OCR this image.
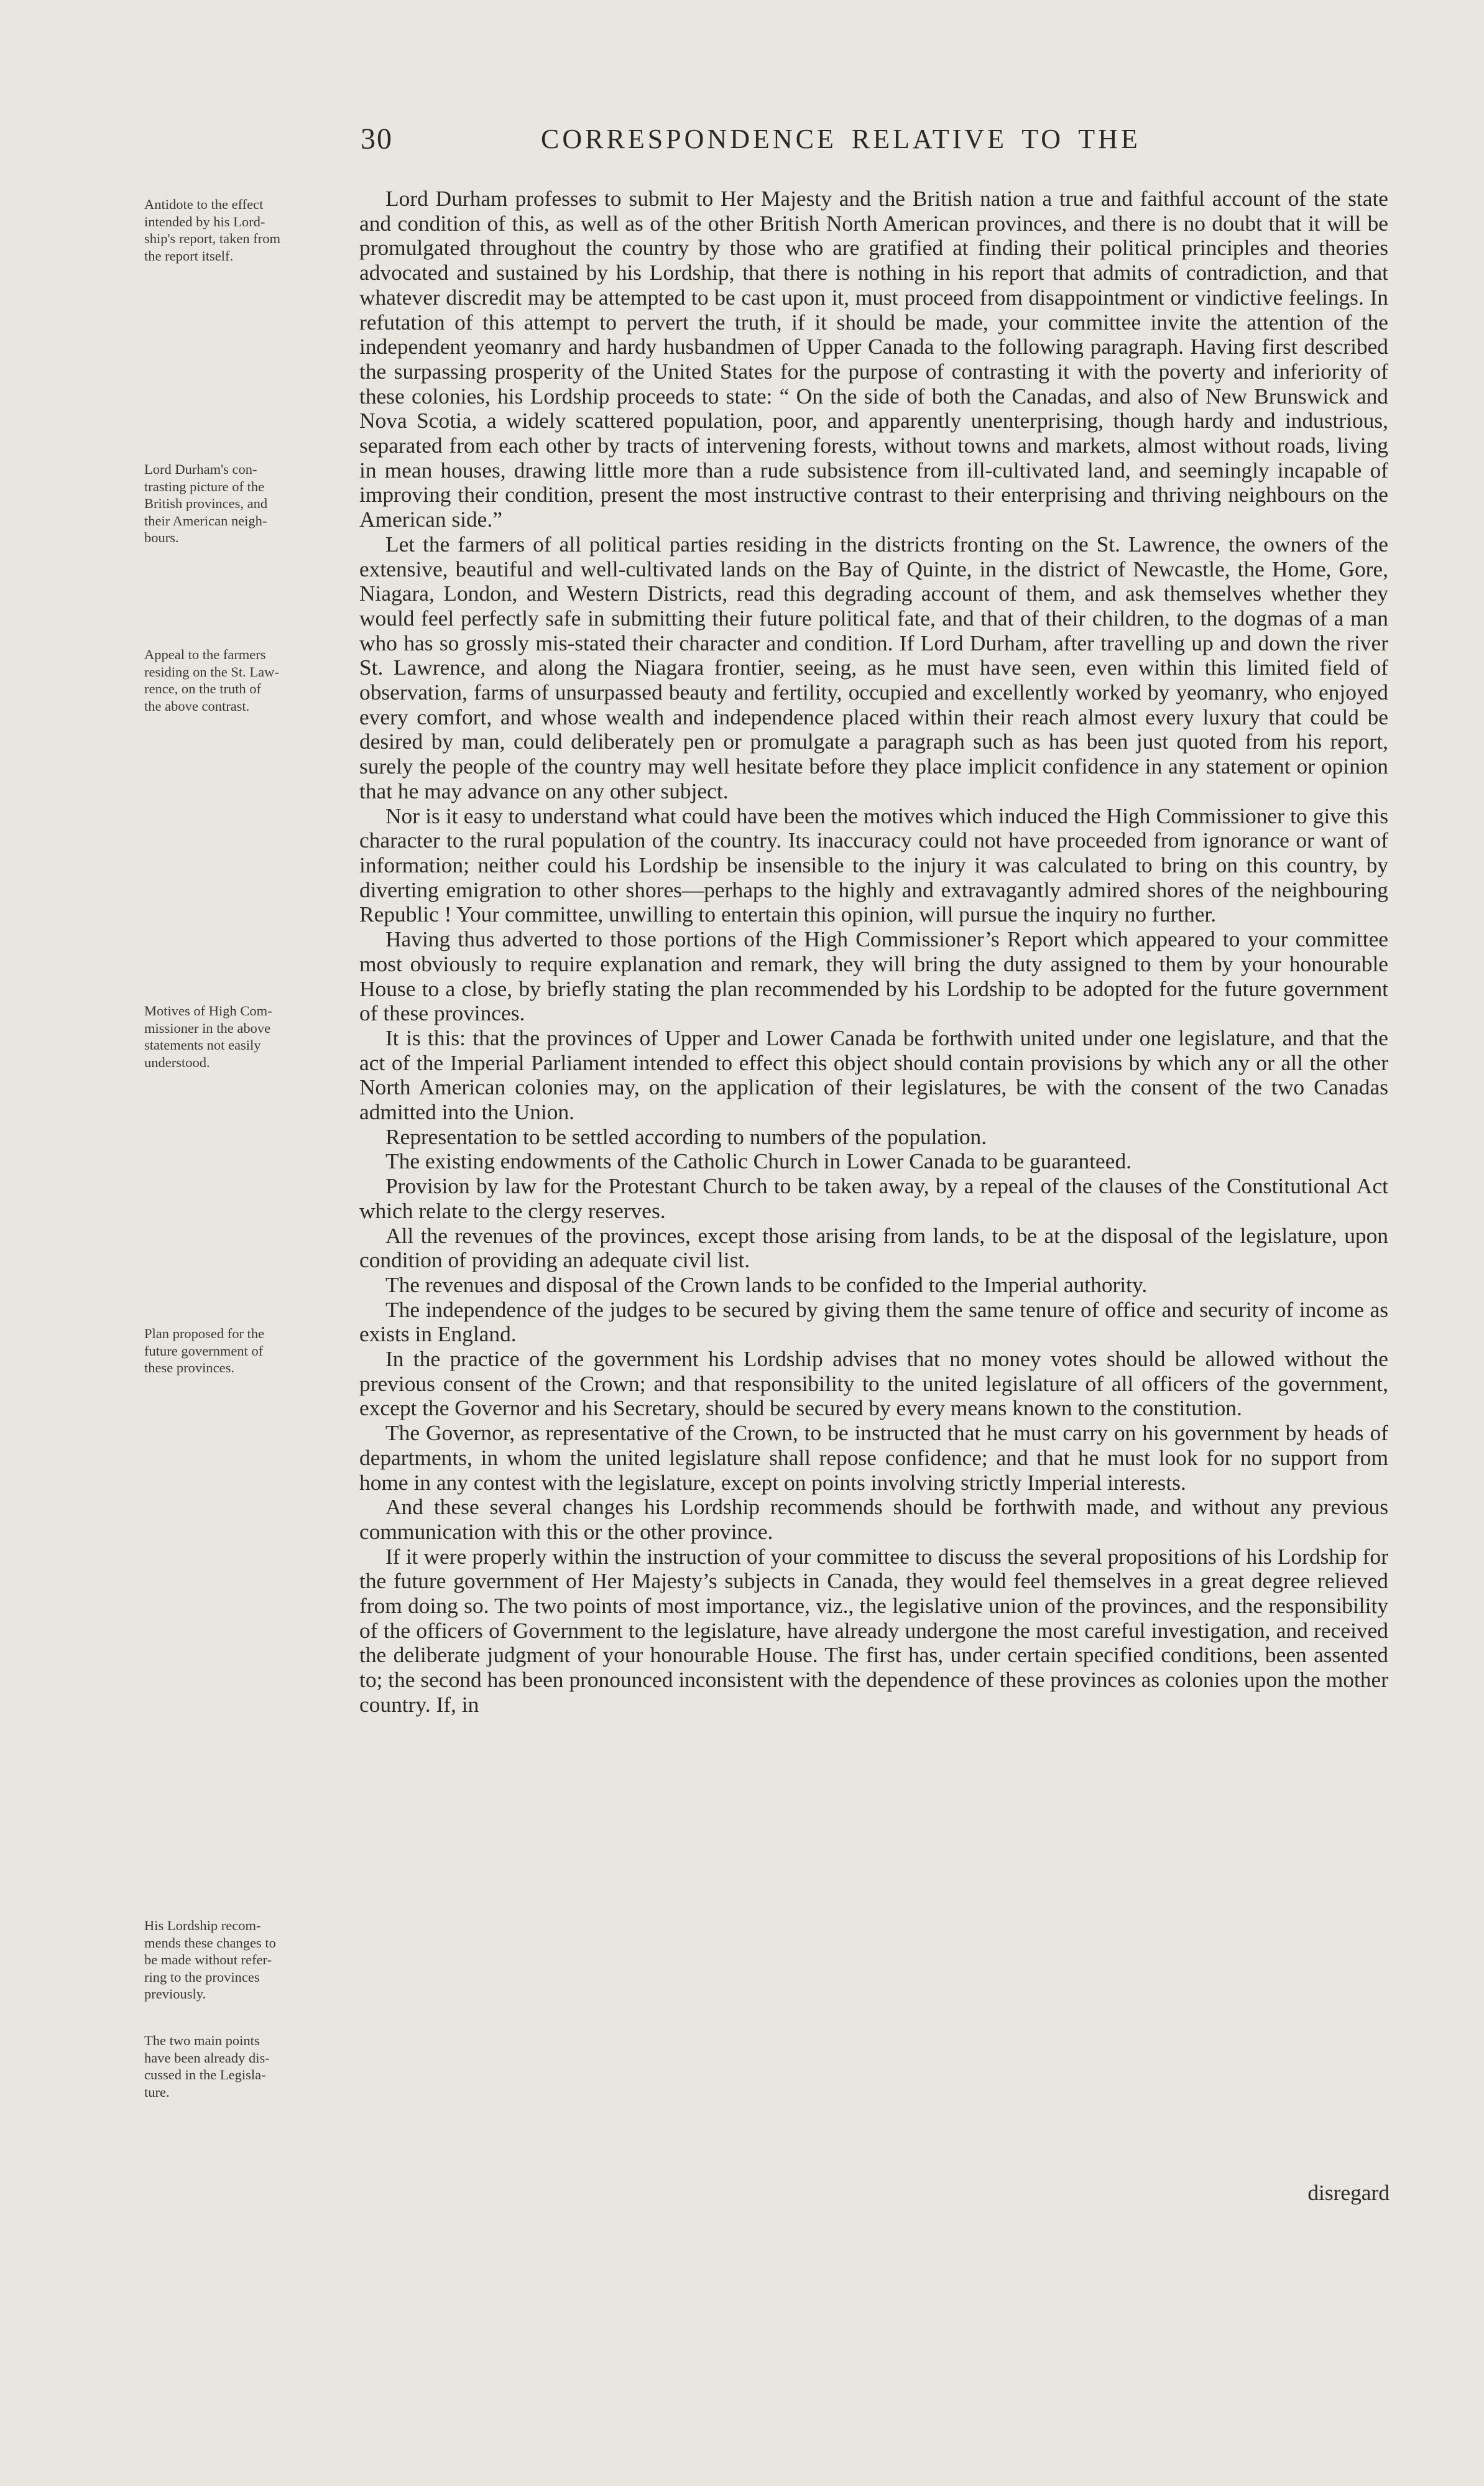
30	CORRESPONDENCE RELATIVE TO THE
Antidote to the effect
intended by his Lord-
ship's report, taken from
the report itself.
Lord Durham's con-
trasting picture of the
British provinces, and
their American neigh-
bours.
Appeal to the farmers
residing on the St. Law-
rence, on the truth of
the above contrast.
Motives of High Com-
missioner in the above
statements not easily
understood.
Plan proposed for the
future government of
these provinces.
His Lordship recom-
mends these changes to
be made without refer-
ring to the provinces
previously.
The two main points
have been already dis-
cussed in the Legisla-
ture.

Lord Durham professes to submit to Her Majesty and the British nation a true and faithful account of the state and condition of this, as well as of the other British North American provinces, and there is no doubt that it will be promulgated throughout the country by those who are gratified at finding their political principles and theories advocated and sustained by his Lordship, that there is nothing in his report that admits of contradiction, and that whatever discredit may be attempted to be cast upon it, must proceed from disappointment or vindictive feelings. In refutation of this attempt to pervert the truth, if it should be made, your committee invite the attention of the independent yeomanry and hardy husbandmen of Upper Canada to the following paragraph. Having first described the surpassing prosperity of the United States for the purpose of contrasting it with the poverty and inferiority of these colonies, his Lordship proceeds to state: “ On the side of both the Canadas, and also of New Brunswick and Nova Scotia, a widely scattered population, poor, and apparently unenterprising, though hardy and industrious, separated from each other by tracts of intervening forests, without towns and markets, almost without roads, living in mean houses, drawing little more than a rude subsistence from ill-cultivated land, and seemingly incapable of improving their condition, present the most instructive contrast to their enterprising and thriving neighbours on the American side.”

Let the farmers of all political parties residing in the districts fronting on the St. Lawrence, the owners of the extensive, beautiful and well-cultivated lands on the Bay of Quinte, in the district of Newcastle, the Home, Gore, Niagara, London, and Western Districts, read this degrading account of them, and ask themselves whether they would feel perfectly safe in submitting their future political fate, and that of their children, to the dogmas of a man who has so grossly mis-stated their character and condition. If Lord Durham, after travelling up and down the river St. Lawrence, and along the Niagara frontier, seeing, as he must have seen, even within this limited field of observation, farms of unsurpassed beauty and fertility, occupied and excellently worked by yeomanry, who enjoyed every comfort, and whose wealth and independence placed within their reach almost every luxury that could be desired by man, could deliberately pen or promulgate a paragraph such as has been just quoted from his report, surely the people of the country may well hesitate before they place implicit confidence in any statement or opinion that he may advance on any other subject.

Nor is it easy to understand what could have been the motives which induced the High Commissioner to give this character to the rural population of the country. Its inaccuracy could not have proceeded from ignorance or want of information; neither could his Lordship be insensible to the injury it was calculated to bring on this country, by diverting emigration to other shores—perhaps to the highly and extravagantly admired shores of the neighbouring Republic ! Your committee, unwilling to entertain this opinion, will pursue the inquiry no further.

Having thus adverted to those portions of the High Commissioner’s Report which appeared to your committee most obviously to require explanation and remark, they will bring the duty assigned to them by your honourable House to a close, by briefly stating the plan recommended by his Lordship to be adopted for the future government of these provinces.

It is this: that the provinces of Upper and Lower Canada be forthwith united under one legislature, and that the act of the Imperial Parliament intended to effect this object should contain provisions by which any or all the other North American colonies may, on the application of their legislatures, be with the consent of the two Canadas admitted into the Union.

Representation to be settled according to numbers of the population.

The existing endowments of the Catholic Church in Lower Canada to be guaranteed.

Provision by law for the Protestant Church to be taken away, by a repeal of the clauses of the Constitutional Act which relate to the clergy reserves.

All the revenues of the provinces, except those arising from lands, to be at the disposal of the legislature, upon condition of providing an adequate civil list.

The revenues and disposal of the Crown lands to be confided to the Imperial authority.

The independence of the judges to be secured by giving them the same tenure of office and security of income as exists in England.

In the practice of the government his Lordship advises that no money votes should be allowed without the previous consent of the Crown; and that responsibility to the united legislature of all officers of the government, except the Governor and his Secretary, should be secured by every means known to the constitution.

The Governor, as representative of the Crown, to be instructed that he must carry on his government by heads of departments, in whom the united legislature shall repose confidence; and that he must look for no support from home in any contest with the legislature, except on points involving strictly Imperial interests.

And these several changes his Lordship recommends should be forthwith made, and without any previous communication with this or the other province.

If it were properly within the instruction of your committee to discuss the several propositions of his Lordship for the future government of Her Majesty’s subjects in Canada, they would feel themselves in a great degree relieved from doing so. The two points of most importance, viz., the legislative union of the provinces, and the responsibility of the officers of Government to the legislature, have already undergone the most careful investigation, and received the deliberate judgment of your honourable House. The first has, under certain specified conditions, been assented to; the second has been pronounced inconsistent with the dependence of these provinces as colonies upon the mother country. If, in

disregard
